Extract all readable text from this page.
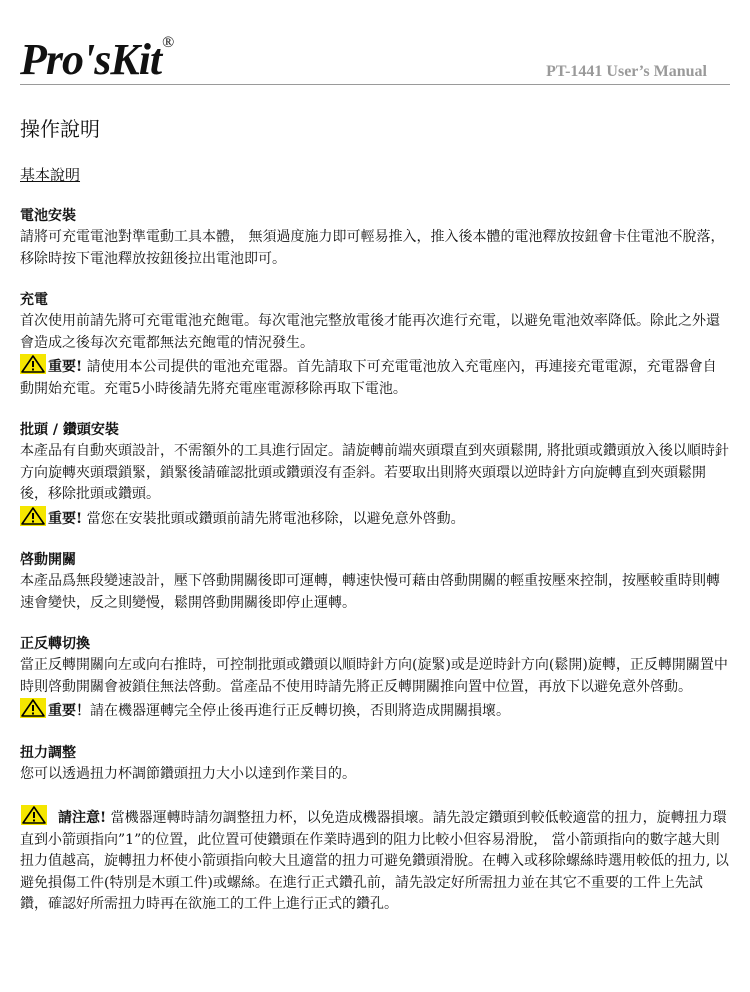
Pro'sKit®
PT-1441 User’s Manual
操作說明
基本說明

電池安裝

請將可充電電池對準電動工具本體， 無須過度施力即可輕易推入，推入後本體的電池釋放按鈕會卡住電池不脫落，移除時按下電池釋放按鈕後拉出電池即可。

充電

首次使用前請先將可充電電池充飽電。每次電池完整放電後才能再次進行充電，以避免電池效率降低。除此之外還會造成之後每次充電都無法充飽電的情況發生。

重要! 請使用本公司提供的電池充電器。首先請取下可充電電池放入充電座內，再連接充電電源，充電器會自動開始充電。充電5小時後請先將充電座電源移除再取下電池。

批頭 / 鑽頭安裝

本產品有自動夾頭設計，不需額外的工具進行固定。請旋轉前端夾頭環直到夾頭鬆開, 將批頭或鑽頭放入後以順時針方向旋轉夾頭環鎖緊，鎖緊後請確認批頭或鑽頭沒有歪斜。若要取出則將夾頭環以逆時針方向旋轉直到夾頭鬆開後，移除批頭或鑽頭。

重要! 當您在安裝批頭或鑽頭前請先將電池移除，以避免意外啓動。

啓動開關

本產品爲無段變速設計，壓下啓動開關後即可運轉，轉速快慢可藉由啓動開關的輕重按壓來控制，按壓較重時則轉速會變快，反之則變慢，鬆開啓動開關後即停止運轉。

正反轉切換

當正反轉開關向左或向右推時，可控制批頭或鑽頭以順時針方向(旋緊)或是逆時針方向(鬆開)旋轉，正反轉開關置中時則啓動開關會被鎖住無法啓動。當產品不使用時請先將正反轉開關推向置中位置，再放下以避免意外啓動。

重要！請在機器運轉完全停止後再進行正反轉切換，否則將造成開關損壞。

扭力調整

您可以透過扭力杯調節鑽頭扭力大小以達到作業目的。

請注意! 當機器運轉時請勿調整扭力杯，以免造成機器損壞。請先設定鑽頭到較低較適當的扭力，旋轉扭力環直到小箭頭指向”1”的位置，此位置可使鑽頭在作業時遇到的阻力比較小但容易滑脫， 當小箭頭指向的數字越大則扭力值越高，旋轉扭力杯使小箭頭指向較大且適當的扭力可避免鑽頭滑脫。在轉入或移除螺絲時選用較低的扭力, 以避免損傷工件(特別是木頭工件)或螺絲。在進行正式鑽孔前，請先設定好所需扭力並在其它不重要的工件上先試鑽，確認好所需扭力時再在欲施工的工件上進行正式的鑽孔。
